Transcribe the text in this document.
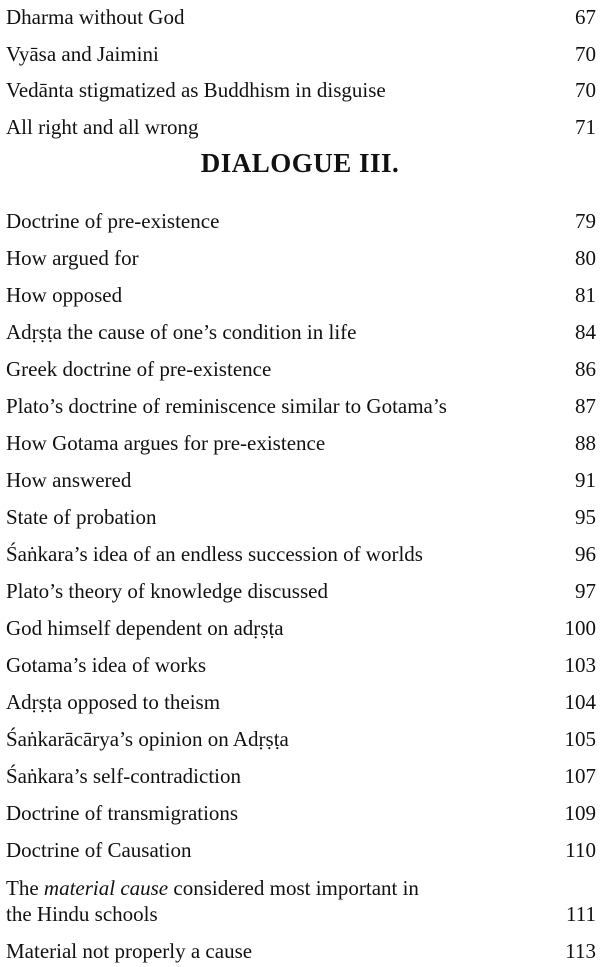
Dharma without God	67
Vyāsa and Jaimini	70
Vedānta stigmatized as Buddhism in disguise	70
All right and all wrong	71
DIALOGUE III.
Doctrine of pre-existence	79
How argued for	80
How opposed	81
Adṛṣṭa the cause of one’s condition in life	84
Greek doctrine of pre-existence	86
Plato’s doctrine of reminiscence similar to Gotama’s	87
How Gotama argues for pre-existence	88
How answered	91
State of probation	95
Śaṅkara’s idea of an endless succession of worlds	96
Plato’s theory of knowledge discussed	97
God himself dependent on adṛṣṭa	100
Gotama’s idea of works	103
Adṛṣṭa opposed to theism	104
Śaṅkarācārya’s opinion on Adṛṣṭa	105
Śaṅkara’s self-contradiction	107
Doctrine of transmigrations	109
Doctrine of Causation	110
The material cause considered most important in
the Hindu schools	111
Material not properly a cause	113
